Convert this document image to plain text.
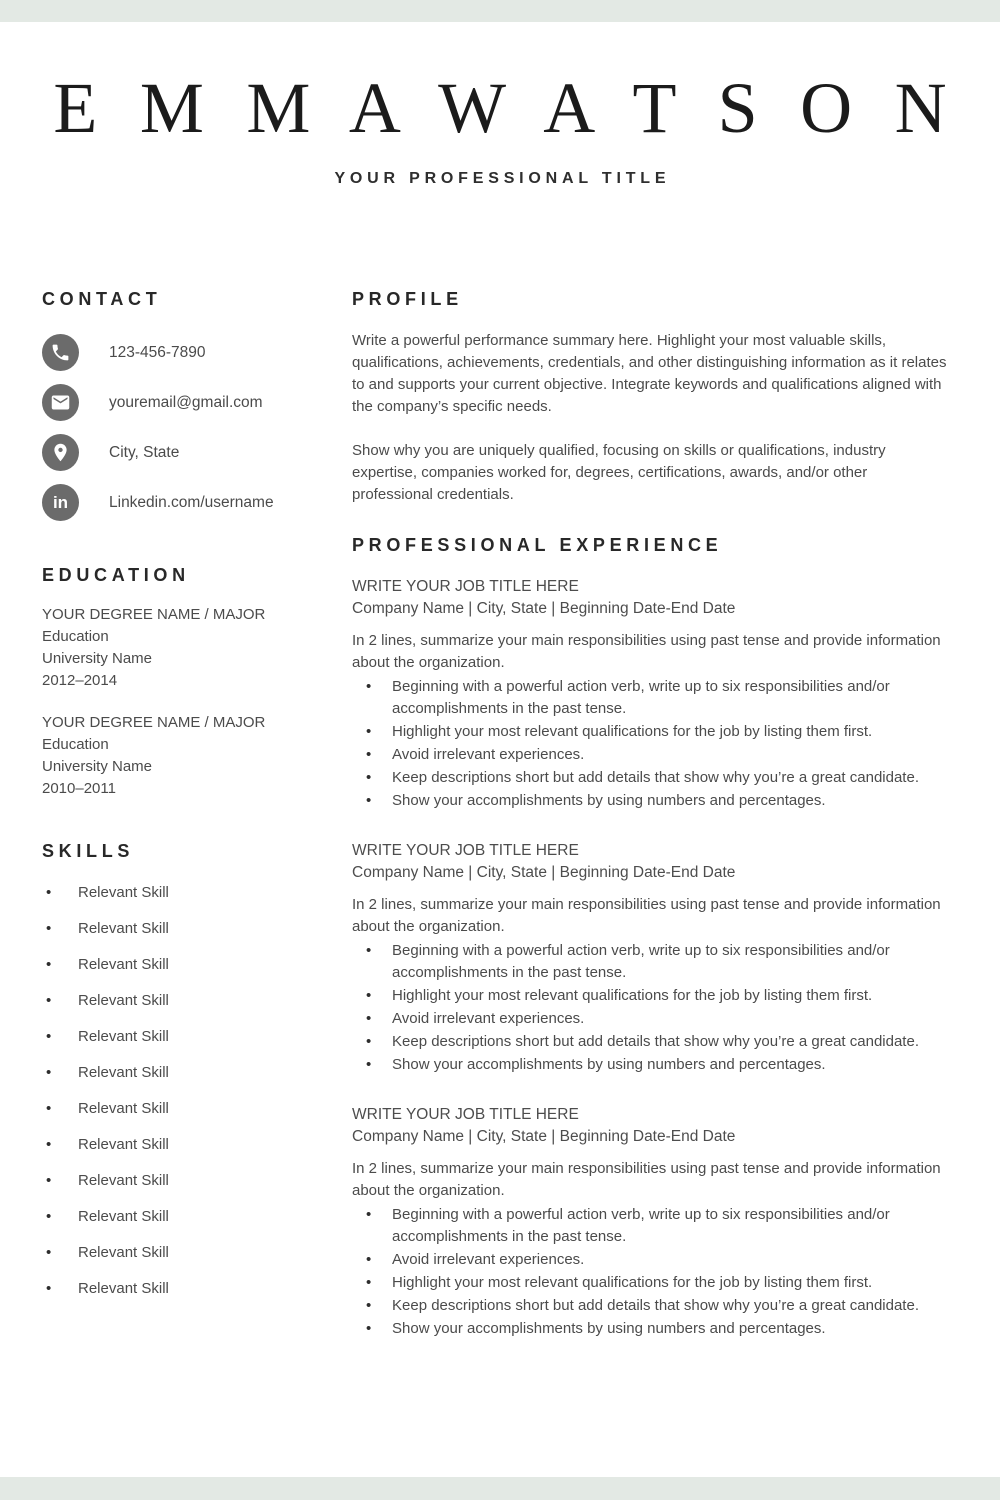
E M M A W A T S O N
YOUR PROFESSIONAL TITLE
CONTACT
123-456-7890
youremail@gmail.com
City, State
in	Linkedin.com/username
EDUCATION
YOUR DEGREE NAME / MAJOR
Education
University Name
2012–2014
YOUR DEGREE NAME / MAJOR
Education
University Name
2010–2011
SKILLS
• Relevant Skill
• Relevant Skill
• Relevant Skill
• Relevant Skill
• Relevant Skill
• Relevant Skill
• Relevant Skill
• Relevant Skill
• Relevant Skill
• Relevant Skill
• Relevant Skill
• Relevant Skill
PROFILE

Write a powerful performance summary here. Highlight your most valuable skills, qualifications, achievements, credentials, and other distinguishing information as it relates to and supports your current objective. Integrate keywords and qualifications aligned with the company’s specific needs.

Show why you are uniquely qualified, focusing on skills or qualifications, industry expertise, companies worked for, degrees, certifications, awards, and/or other professional credentials.

PROFESSIONAL EXPERIENCE
WRITE YOUR JOB TITLE HERE
Company Name | City, State | Beginning Date-End Date

In 2 lines, summarize your main responsibilities using past tense and provide information about the organization.

• Beginning with a powerful action verb, write up to six responsibilities and/or accomplishments in the past tense.
• Highlight your most relevant qualifications for the job by listing them first.
• Avoid irrelevant experiences.
• Keep descriptions short but add details that show why you’re a great candidate.
• Show your accomplishments by using numbers and percentages.
WRITE YOUR JOB TITLE HERE
Company Name | City, State | Beginning Date-End Date

In 2 lines, summarize your main responsibilities using past tense and provide information about the organization.

• Beginning with a powerful action verb, write up to six responsibilities and/or accomplishments in the past tense.
• Highlight your most relevant qualifications for the job by listing them first.
• Avoid irrelevant experiences.
• Keep descriptions short but add details that show why you’re a great candidate.
• Show your accomplishments by using numbers and percentages.
WRITE YOUR JOB TITLE HERE
Company Name | City, State | Beginning Date-End Date

In 2 lines, summarize your main responsibilities using past tense and provide information about the organization.

• Beginning with a powerful action verb, write up to six responsibilities and/or accomplishments in the past tense.
• Avoid irrelevant experiences.
• Highlight your most relevant qualifications for the job by listing them first.
• Keep descriptions short but add details that show why you’re a great candidate.
• Show your accomplishments by using numbers and percentages.
